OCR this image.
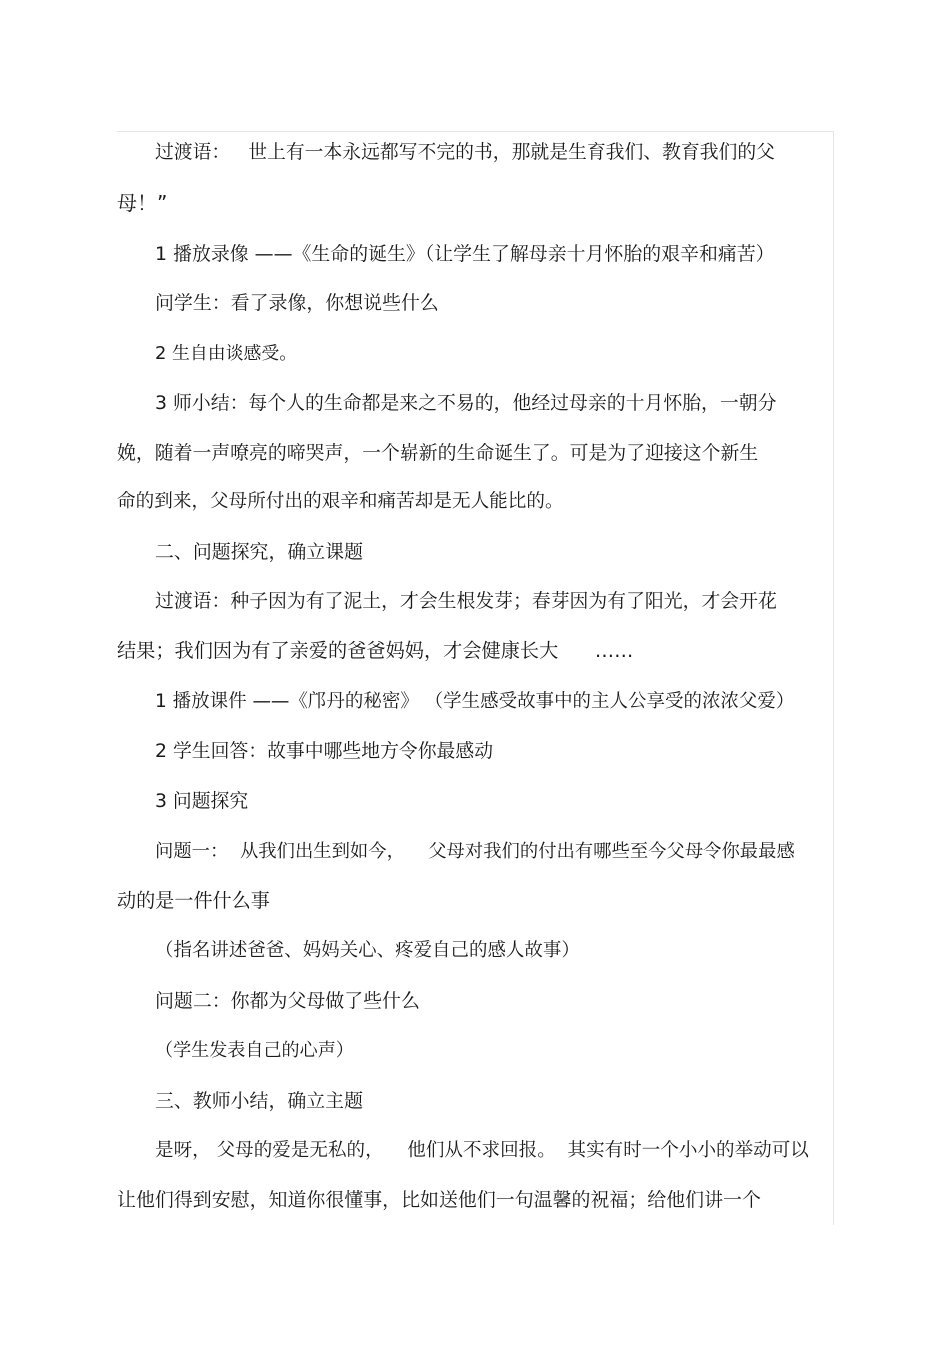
过渡语：   世上有一本永远都写不完的书，那就是生育我们、教育我们的父
母！”
1 播放录像 ——《生命的诞生》（让学生了解母亲十月怀胎的艰辛和痛苦）
问学生：看了录像，你想说些什么
2 生自由谈感受。
3 师小结：每个人的生命都是来之不易的，他经过母亲的十月怀胎，一朝分
娩，随着一声嘹亮的啼哭声，一个崭新的生命诞生了。可是为了迎接这个新生
命的到来，父母所付出的艰辛和痛苦却是无人能比的。
二、问题探究，确立课题
过渡语：种子因为有了泥土，才会生根发芽；春芽因为有了阳光，才会开花
结果；我们因为有了亲爱的爸爸妈妈，才会健康长大      ……
1 播放课件 ——《邝丹的秘密》 （学生感受故事中的主人公享受的浓浓父爱）
2 学生回答：故事中哪些地方令你最感动
3 问题探究
问题一：  从我们出生到如今，    父母对我们的付出有哪些至今父母令你最最感
动的是一件什么事
（指名讲述爸爸、妈妈关心、疼爱自己的感人故事）
问题二：你都为父母做了些什么
（学生发表自己的心声）
三、教师小结，确立主题
是呀， 父母的爱是无私的，    他们从不求回报。  其实有时一个小小的举动可以
让他们得到安慰，知道你很懂事，比如送他们一句温馨的祝福；给他们讲一个
